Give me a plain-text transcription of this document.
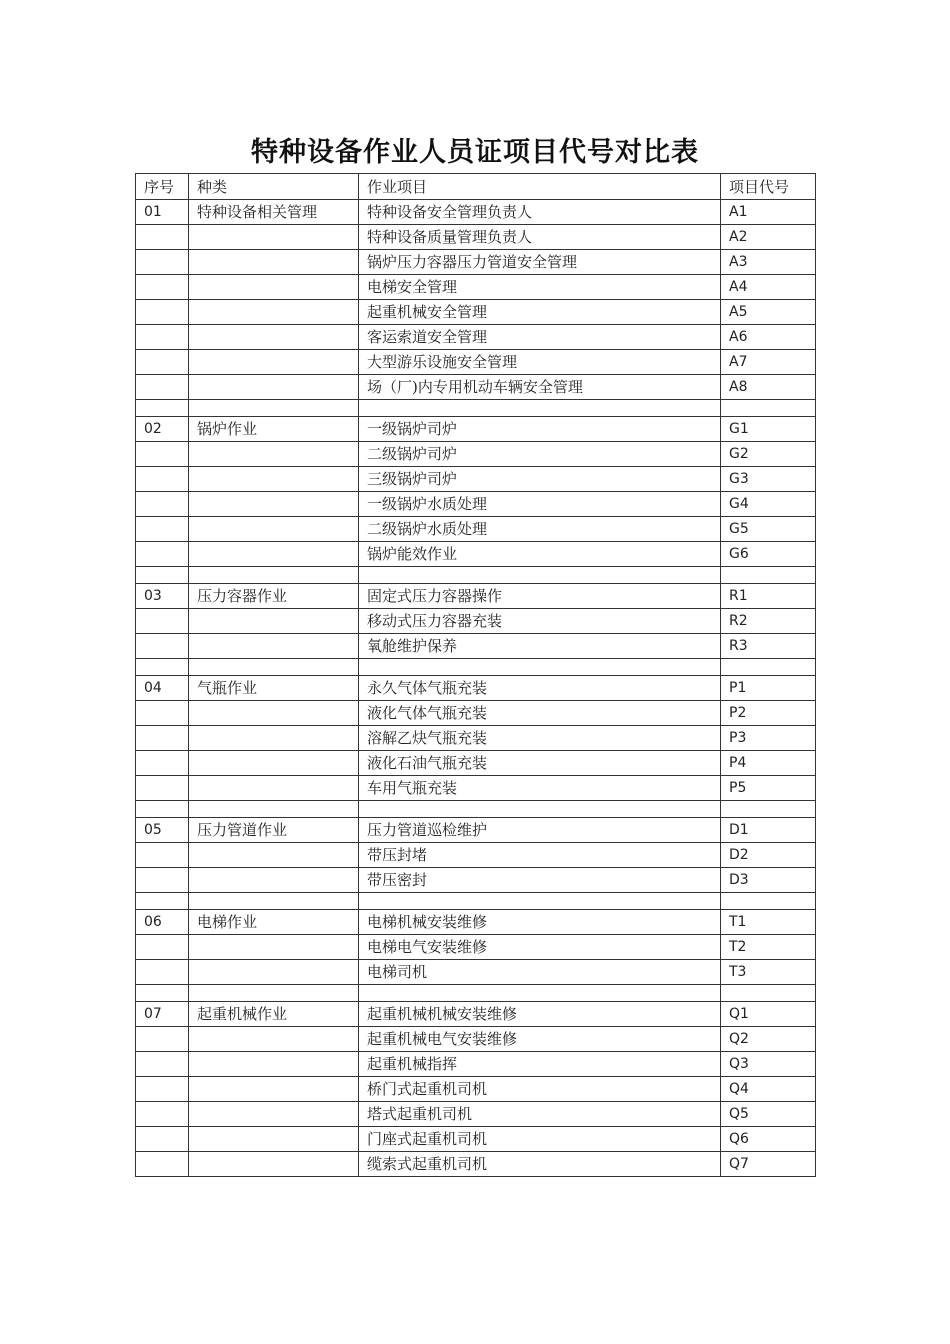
特种设备作业人员证项目代号对比表
序号	种类	作业项目	项目代号
01	特种设备相关管理	特种设备安全管理负责人	A1
		特种设备质量管理负责人	A2
		锅炉压力容器压力管道安全管理	A3
		电梯安全管理	A4
		起重机械安全管理	A5
		客运索道安全管理	A6
		大型游乐设施安全管理	A7
		场（厂)内专用机动车辆安全管理	A8

02	锅炉作业	一级锅炉司炉	G1
		二级锅炉司炉	G2
		三级锅炉司炉	G3
		一级锅炉水质处理	G4
		二级锅炉水质处理	G5
		锅炉能效作业	G6

03	压力容器作业	固定式压力容器操作	R1
		移动式压力容器充装	R2
		氧舱维护保养	R3

04	气瓶作业	永久气体气瓶充装	P1
		液化气体气瓶充装	P2
		溶解乙炔气瓶充装	P3
		液化石油气瓶充装	P4
		车用气瓶充装	P5

05	压力管道作业	压力管道巡检维护	D1
		带压封堵	D2
		带压密封	D3

06	电梯作业	电梯机械安装维修	T1
		电梯电气安装维修	T2
		电梯司机	T3

07	起重机械作业	起重机械机械安装维修	Q1
		起重机械电气安装维修	Q2
		起重机械指挥	Q3
		桥门式起重机司机	Q4
		塔式起重机司机	Q5
		门座式起重机司机	Q6
		缆索式起重机司机	Q7
